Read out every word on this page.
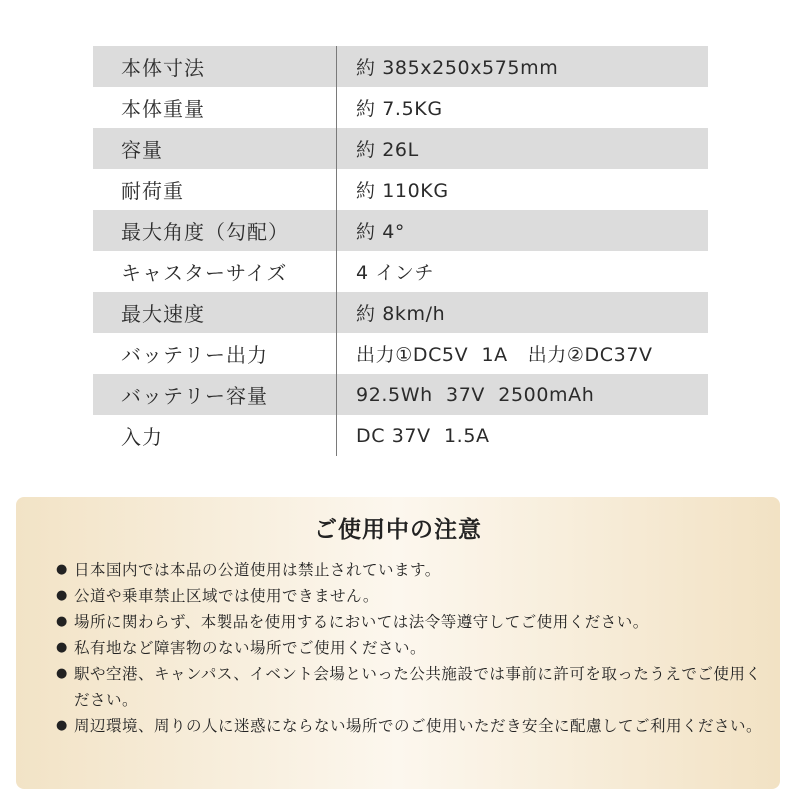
本体寸法	約 385x250x575mm
本体重量	約 7.5KG
容量	約 26L
耐荷重	約 110KG
最大角度（勾配）	約 4°
キャスターサイズ	4 インチ
最大速度	約 8km/h
バッテリー出力	出力①DC5V  1A   出力②DC37V
バッテリー容量	92.5Wh  37V  2500mAh
入力	DC 37V  1.5A
ご使用中の注意
● 日本国内では本品の公道使用は禁止されています。
● 公道や乗車禁止区域では使用できません。
● 場所に関わらず、本製品を使用するにおいては法令等遵守してご使用ください。
● 私有地など障害物のない場所でご使用ください。
● 駅や空港、キャンパス、イベント会場といった公共施設では事前に許可を取ったうえでご使用ください。
● 周辺環境、周りの人に迷惑にならない場所でのご使用いただき安全に配慮してご利用ください。
